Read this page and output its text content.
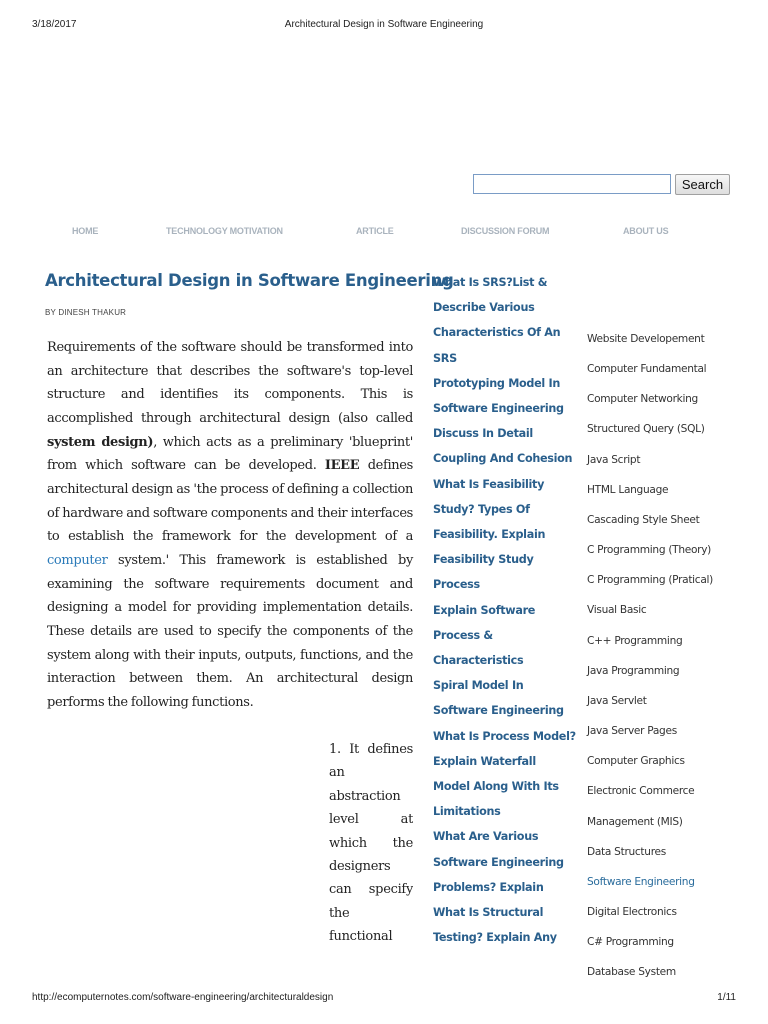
3/18/2017	Architectural Design in Software Engineering
Search
HOME	TECHNOLOGY MOTIVATION	ARTICLE	DISCUSSION FORUM	ABOUT US
Architectural Design in Software Engineering
BY DINESH THAKUR

Requirements of the software should be transformed into an architecture that describes the software's top-level structure and identifies its components. This is accomplished through architectural design (also called system design), which acts as a preliminary 'blueprint' from which software can be developed. IEEE defines architectural design as 'the process of defining a collection of hardware and software components and their interfaces to establish the framework for the development of a computer system.' This framework is established by examining the software requirements document and designing a model for providing implementation details. These details are used to specify the components of the system along with their inputs, outputs, functions, and the interaction between them. An architectural design performs the following functions.

1. It defines an abstraction level at which the designers can specify the functional

What Is SRS?List &
Describe Various
Characteristics Of An
SRS
Prototyping Model In
Software Engineering
Discuss In Detail
Coupling And Cohesion
What Is Feasibility
Study? Types Of
Feasibility. Explain
Feasibility Study
Process
Explain Software
Process &
Characteristics
Spiral Model In
Software Engineering
What Is Process Model?
Explain Waterfall
Model Along With Its
Limitations
What Are Various
Software Engineering
Problems? Explain
What Is Structural
Testing? Explain Any
Website Developement
Computer Fundamental
Computer Networking
Structured Query (SQL)
Java Script
HTML Language
Cascading Style Sheet
C Programming (Theory)
C Programming (Pratical)
Visual Basic
C++ Programming
Java Programming
Java Servlet
Java Server Pages
Computer Graphics
Electronic Commerce
Management (MIS)
Data Structures
Software Engineering
Digital Electronics
C# Programming
Database System
http://ecomputernotes.com/software-engineering/architecturaldesign	1/11
